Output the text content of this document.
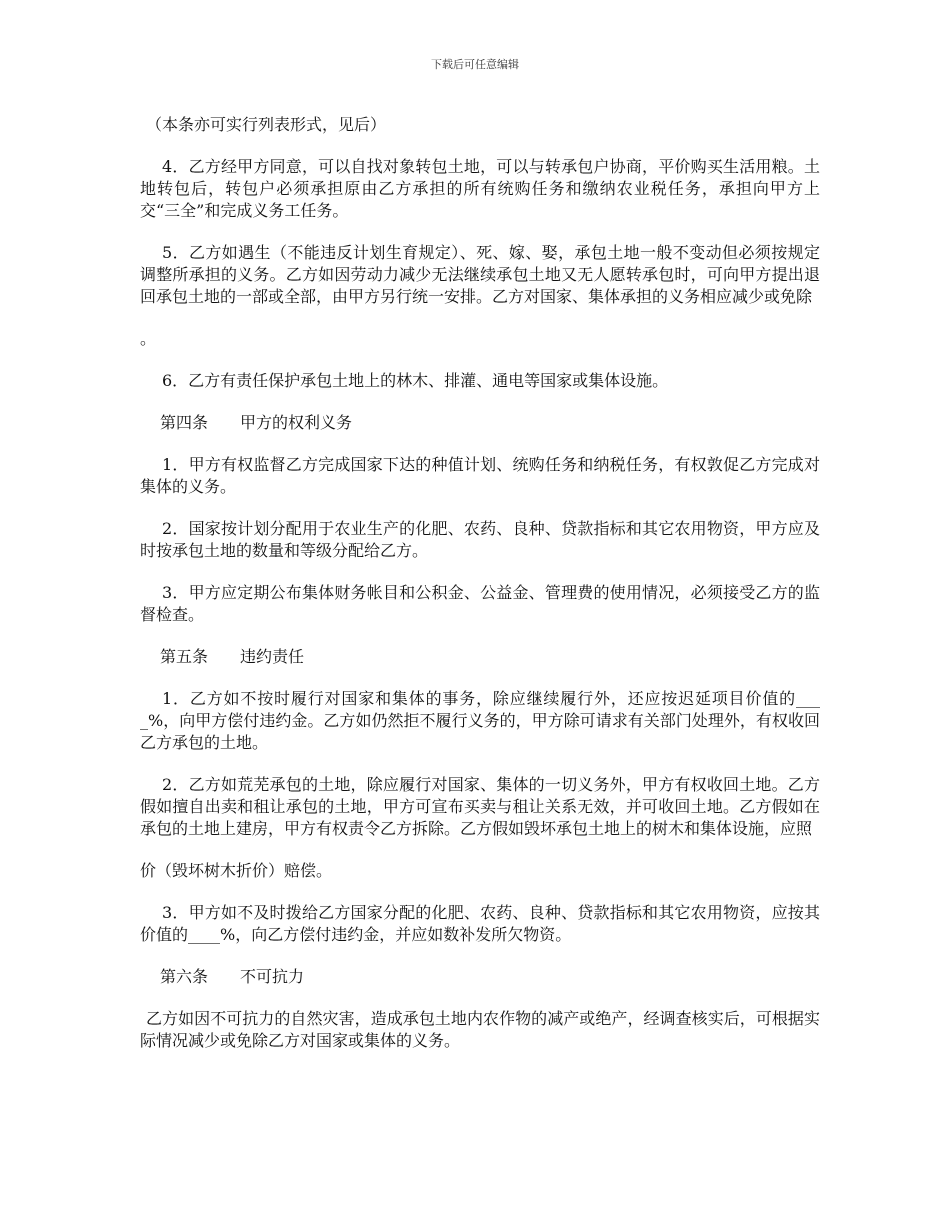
下载后可任意编辑

（本条亦可实行列表形式，见后）

4．乙方经甲方同意，可以自找对象转包土地，可以与转承包户协商，平价购买生活用粮。土地转包后，转包户必须承担原由乙方承担的所有统购任务和缴纳农业税任务，承担向甲方上交“三全”和完成义务工任务。

5．乙方如遇生（不能违反计划生育规定）、死、嫁、娶，承包土地一般不变动但必须按规定调整所承担的义务。乙方如因劳动力减少无法继续承包土地又无人愿转承包时，可向甲方提出退回承包土地的一部或全部，由甲方另行统一安排。乙方对国家、集体承担的义务相应减少或免除

。

6．乙方有责任保护承包土地上的林木、排灌、通电等国家或集体设施。

第四条　　甲方的权利义务

1．甲方有权监督乙方完成国家下达的种值计划、统购任务和纳税任务，有权敦促乙方完成对集体的义务。

2．国家按计划分配用于农业生产的化肥、农药、良种、贷款指标和其它农用物资，甲方应及时按承包土地的数量和等级分配给乙方。

3．甲方应定期公布集体财务帐目和公积金、公益金、管理费的使用情况，必须接受乙方的监督检查。

第五条　　违约责任

1．乙方如不按时履行对国家和集体的事务，除应继续履行外，还应按迟延项目价值的____%，向甲方偿付违约金。乙方如仍然拒不履行义务的，甲方除可请求有关部门处理外，有权收回乙方承包的土地。

2．乙方如荒芜承包的土地，除应履行对国家、集体的一切义务外，甲方有权收回土地。乙方假如擅自出卖和租让承包的土地，甲方可宣布买卖与租让关系无效，并可收回土地。乙方假如在承包的土地上建房，甲方有权责令乙方拆除。乙方假如毁坏承包土地上的树木和集体设施，应照

价（毁坏树木折价）赔偿。

3．甲方如不及时拨给乙方国家分配的化肥、农药、良种、贷款指标和其它农用物资，应按其价值的____%，向乙方偿付违约金，并应如数补发所欠物资。

第六条　　不可抗力

乙方如因不可抗力的自然灾害，造成承包土地内农作物的减产或绝产，经调查核实后，可根据实际情况减少或免除乙方对国家或集体的义务。
